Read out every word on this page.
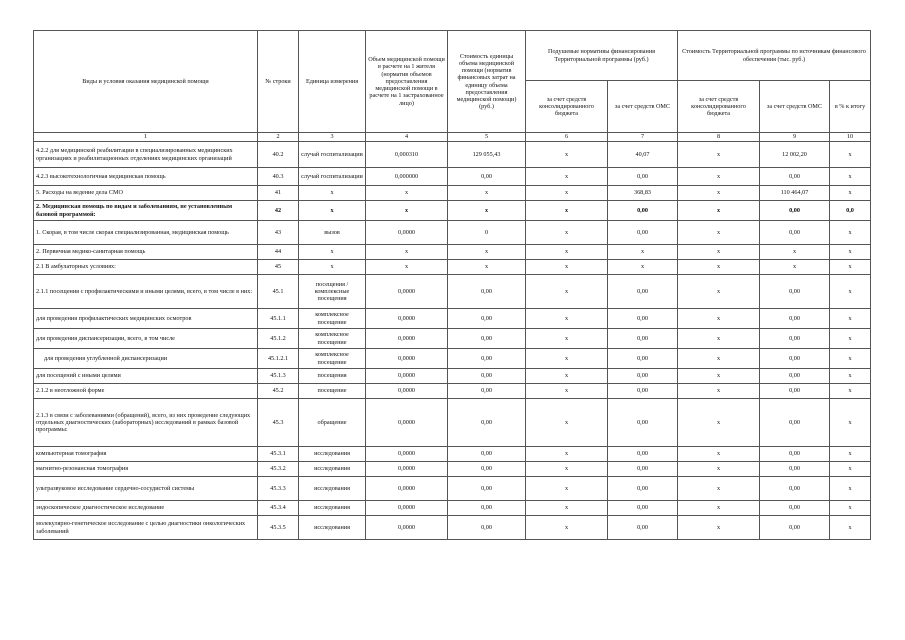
Виды и условия оказания медицинской помощи	№ строки	Единица измерения	Объем медицинской помощи в расчете на 1 жителя (норматив объемов предоставления медицинской помощи в расчете на 1 застрахованное лицо)	Стоимость единицы объема медицинской помощи (норматив финансовых затрат на единицу объема предоставления медицинской помощи) (руб.)	Подушевые нормативы финансирования Территориальной программы (руб.)		Стоимость Территориальной программы по источникам финансового обеспечения (тыс. руб.)		
					за счет средств консолидированного бюджета	за счет средств ОМС	за счет средств консолидированного бюджета	за счет средств ОМС	в % к итогу
1	2	3	4	5	6	7	8	9	10
4.2.2 для медицинской реабилитации в специализированных медицинских организациях и реабилитационных отделениях медицинских организаций	40.2	случай госпитализации	0,000310	129 055,43	х	40,07	х	12 002,20	х
4.2.3 высокотехнологичная медицинская помощь	40.3	случай госпитализации	0,000000	0,00	х	0,00	х	0,00	х
5. Расходы на ведение дела СМО	41	х	х	х	х	368,83	х	110 464,07	х
2. Медицинская помощь по видам и заболеваниям, не установленным базовой программой:	42	х	х	х	х	0,00	х	0,00	0,0
1. Скорая, в том числе скорая специализированная, медицинская помощь	43	вызов	0,0000	0	х	0,00	х	0,00	х
2. Первичная медико-санитарная помощь	44	х	х	х	х	х	х	х	х
2.1 В амбулаторных условиях:	45	х	х	х	х	х	х	х	х
2.1.1 посещения с профилактическими и иными целями, всего, в том числе в них:	45.1	посещения / комплексные посещения	0,0000	0,00	х	0,00	х	0,00	х
для проведения профилактических медицинских осмотров	45.1.1	комплексное посещение	0,0000	0,00	х	0,00	х	0,00	х
для проведения диспансеризации, всего, в том числе	45.1.2	комплексное посещение	0,0000	0,00	х	0,00	х	0,00	х
для проведения углубленной диспансеризации	45.1.2.1	комплексное посещение	0,0000	0,00	х	0,00	х	0,00	х
для посещений с иными целями	45.1.3	посещения	0,0000	0,00	х	0,00	х	0,00	х
2.1.2 в неотложной форме	45.2	посещение	0,0000	0,00	х	0,00	х	0,00	х
2.1.3 в связи с заболеваниями (обращений), всего, из них проведение следующих отдельных диагностических (лабораторных) исследований в рамках базовой программы:	45.3	обращение	0,0000	0,00	х	0,00	х	0,00	х
компьютерная томография	45.3.1	исследования	0,0000	0,00	х	0,00	х	0,00	х
магнитно-резонансная томография	45.3.2	исследования	0,0000	0,00	х	0,00	х	0,00	х
ультразвуковое исследование сердечно-сосудистой системы	45.3.3	исследования	0,0000	0,00	х	0,00	х	0,00	х
эндоскопическое диагностическое исследование	45.3.4	исследования	0,0000	0,00	х	0,00	х	0,00	х
молекулярно-генетическое исследование с целью диагностики онкологических заболеваний	45.3.5	исследования	0,0000	0,00	х	0,00	х	0,00	х
